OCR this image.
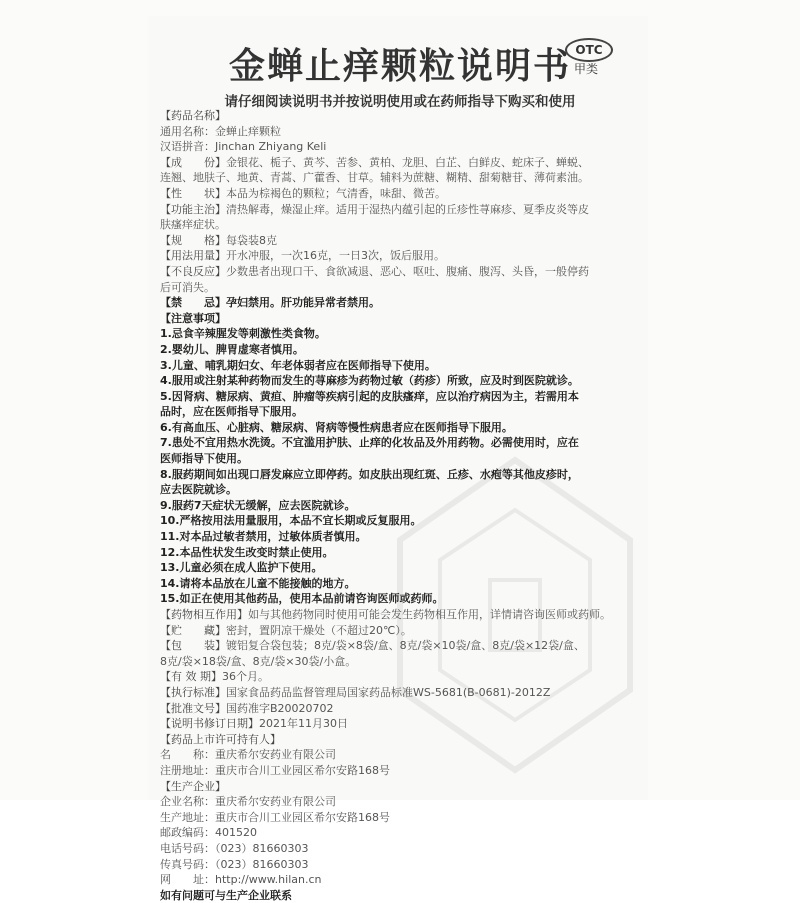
金蝉止痒颗粒说明书 OTC
甲类
请仔细阅读说明书并按说明使用或在药师指导下购买和使用
【药品名称】
通用名称：金蝉止痒颗粒
汉语拼音：Jinchan Zhiyang Keli
【成　　份】金银花、栀子、黄芩、苦参、黄柏、龙胆、白芷、白鲜皮、蛇床子、蝉蜕、
连翘、地肤子、地黄、青蒿、广藿香、甘草。辅料为蔗糖、糊精、甜菊糖苷、薄荷素油。
【性　　状】本品为棕褐色的颗粒；气清香，味甜、微苦。
【功能主治】清热解毒，燥湿止痒。适用于湿热内蕴引起的丘疹性荨麻疹、夏季皮炎等皮
肤瘙痒症状。
【规　　格】每袋装8克
【用法用量】开水冲服，一次16克，一日3次，饭后服用。
【不良反应】少数患者出现口干、食欲减退、恶心、呕吐、腹痛、腹泻、头昏，一般停药
后可消失。
【禁　　忌】孕妇禁用。肝功能异常者禁用。
【注意事项】
1.忌食辛辣腥发等刺激性类食物。
2.婴幼儿、脾胃虚寒者慎用。
3.儿童、哺乳期妇女、年老体弱者应在医师指导下使用。
4.服用或注射某种药物而发生的荨麻疹为药物过敏（药疹）所致，应及时到医院就诊。
5.因肾病、糖尿病、黄疸、肿瘤等疾病引起的皮肤瘙痒，应以治疗病因为主，若需用本
品时，应在医师指导下服用。
6.有高血压、心脏病、糖尿病、肾病等慢性病患者应在医师指导下服用。
7.患处不宜用热水洗烫。不宜滥用护肤、止痒的化妆品及外用药物。必需使用时，应在
医师指导下使用。
8.服药期间如出现口唇发麻应立即停药。如皮肤出现红斑、丘疹、水疱等其他皮疹时，
应去医院就诊。
9.服药7天症状无缓解，应去医院就诊。
10.严格按用法用量服用，本品不宜长期或反复服用。
11.对本品过敏者禁用，过敏体质者慎用。
12.本品性状发生改变时禁止使用。
13.儿童必须在成人监护下使用。
14.请将本品放在儿童不能接触的地方。
15.如正在使用其他药品，使用本品前请咨询医师或药师。
【药物相互作用】如与其他药物同时使用可能会发生药物相互作用，详情请咨询医师或药师。
【贮　　藏】密封，置阴凉干燥处（不超过20℃）。
【包　　装】镀铝复合袋包装；8克/袋×8袋/盒、8克/袋×10袋/盒、8克/袋×12袋/盒、
8克/袋×18袋/盒、8克/袋×30袋/小盒。
【有 效 期】36个月。
【执行标准】国家食品药品监督管理局国家药品标准WS-5681(B-0681)-2012Z
【批准文号】国药准字B20020702
【说明书修订日期】2021年11月30日
【药品上市许可持有人】
名　　称：重庆希尔安药业有限公司
注册地址：重庆市合川工业园区希尔安路168号
【生产企业】
企业名称：重庆希尔安药业有限公司
生产地址：重庆市合川工业园区希尔安路168号
邮政编码：401520
电话号码：（023）81660303
传真号码：（023）81660303
网　　址：http://www.hilan.cn
如有问题可与生产企业联系
